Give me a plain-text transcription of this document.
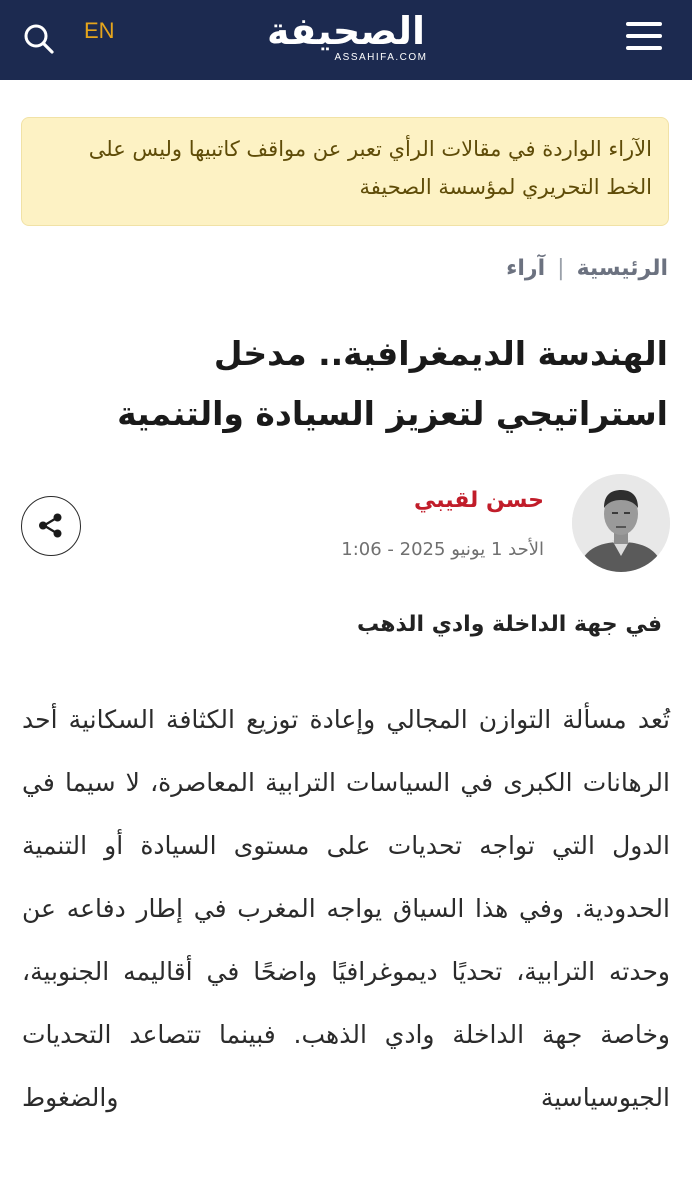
EN	الصحيفة
ASSAHIFA.COM
الآراء الواردة في مقالات الرأي تعبر عن مواقف كاتبيها وليس على الخط التحريري لمؤسسة الصحيفة
الرئيسية
|
آراء
الهندسة الديمغرافية.. مدخل استراتيجي لتعزيز السيادة والتنمية
حسن لقيبي
الأحد 1 يونيو 2025 - 1:06
في جهة الداخلة وادي الذهب

تُعد مسألة التوازن المجالي وإعادة توزيع الكثافة السكانية أحد الرهانات الكبرى في السياسات الترابية المعاصرة، لا سيما في الدول التي تواجه تحديات على مستوى السيادة أو التنمية الحدودية. وفي هذا السياق يواجه المغرب في إطار دفاعه عن وحدته الترابية، تحديًا ديموغرافيًا واضحًا في أقاليمه الجنوبية، وخاصة جهة الداخلة وادي الذهب. فبينما تتصاعد التحديات الجيوسياسية والضغوط
